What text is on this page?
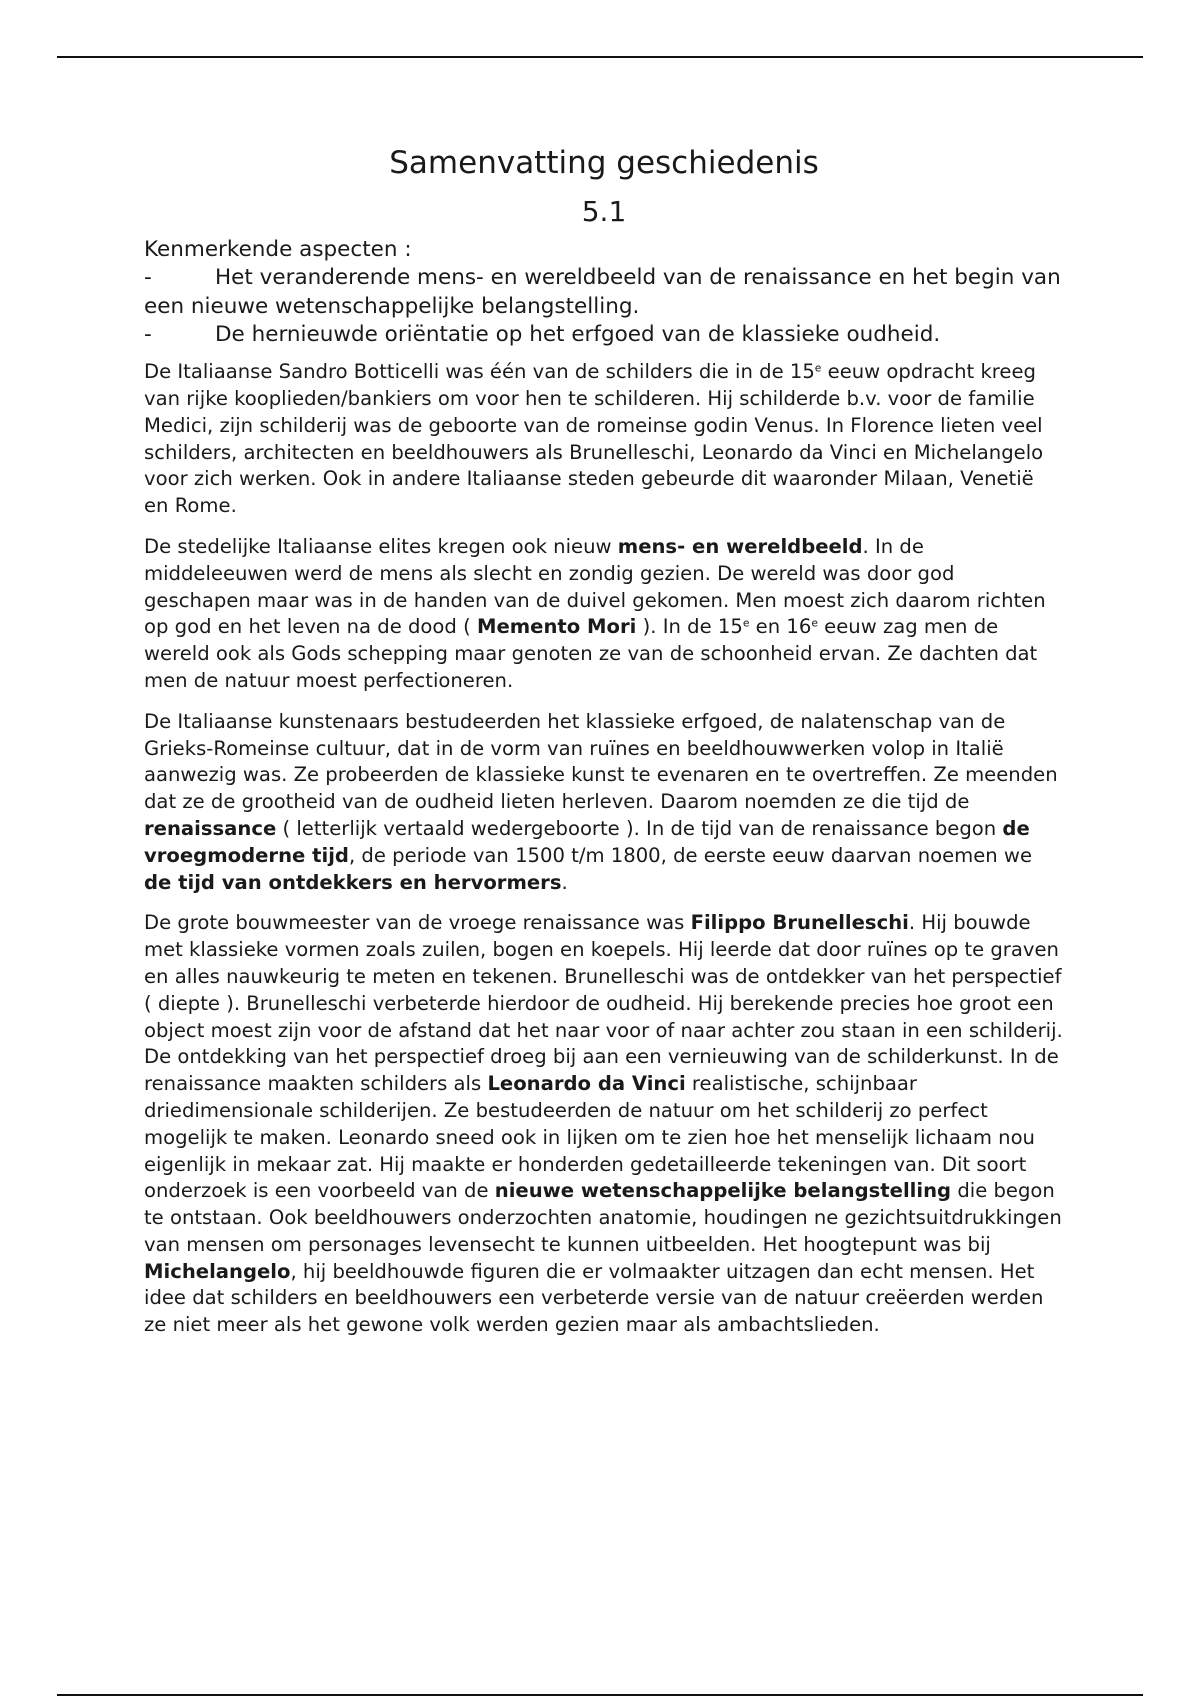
Samenvatting geschiedenis
5.1
Kenmerkende aspecten :

-	Het veranderende mens- en wereldbeeld van de renaissance en het begin van een nieuwe wetenschappelijke belangstelling.

-	De hernieuwde oriëntatie op het erfgoed van de klassieke oudheid.

De Italiaanse Sandro Botticelli was één van de schilders die in de 15e eeuw opdracht kreeg van rijke kooplieden/bankiers om voor hen te schilderen. Hij schilderde b.v. voor de familie Medici, zijn schilderij was de geboorte van de romeinse godin Venus. In Florence lieten veel schilders, architecten en beeldhouwers als Brunelleschi, Leonardo da Vinci en Michelangelo voor zich werken. Ook in andere Italiaanse steden gebeurde dit waaronder Milaan, Venetië en Rome.

De stedelijke Italiaanse elites kregen ook nieuw mens- en wereldbeeld. In de middeleeuwen werd de mens als slecht en zondig gezien. De wereld was door god geschapen maar was in de handen van de duivel gekomen. Men moest zich daarom richten op god en het leven na de dood ( Memento Mori ). In de 15e en 16e eeuw zag men de wereld ook als Gods schepping maar genoten ze van de schoonheid ervan. Ze dachten dat men de natuur moest perfectioneren.

De Italiaanse kunstenaars bestudeerden het klassieke erfgoed, de nalatenschap van de Grieks-Romeinse cultuur, dat in de vorm van ruïnes en beeldhouwwerken volop in Italië aanwezig was. Ze probeerden de klassieke kunst te evenaren en te overtreffen. Ze meenden dat ze de grootheid van de oudheid lieten herleven. Daarom noemden ze die tijd de renaissance ( letterlijk vertaald wedergeboorte ). In de tijd van de renaissance begon de vroegmoderne tijd, de periode van 1500 t/m 1800, de eerste eeuw daarvan noemen we de tijd van ontdekkers en hervormers.

De grote bouwmeester van de vroege renaissance was Filippo Brunelleschi. Hij bouwde met klassieke vormen zoals zuilen, bogen en koepels. Hij leerde dat door ruïnes op te graven en alles nauwkeurig te meten en tekenen. Brunelleschi was de ontdekker van het perspectief ( diepte ). Brunelleschi verbeterde hierdoor de oudheid. Hij berekende precies hoe groot een object moest zijn voor de afstand dat het naar voor of naar achter zou staan in een schilderij. De ontdekking van het perspectief droeg bij aan een vernieuwing van de schilderkunst. In de renaissance maakten schilders als Leonardo da Vinci realistische, schijnbaar driedimensionale schilderijen. Ze bestudeerden de natuur om het schilderij zo perfect mogelijk te maken. Leonardo sneed ook in lijken om te zien hoe het menselijk lichaam nou eigenlijk in mekaar zat. Hij maakte er honderden gedetailleerde tekeningen van. Dit soort onderzoek is een voorbeeld van de nieuwe wetenschappelijke belangstelling die begon te ontstaan. Ook beeldhouwers onderzochten anatomie, houdingen ne gezichtsuitdrukkingen van mensen om personages levensecht te kunnen uitbeelden. Het hoogtepunt was bij Michelangelo, hij beeldhouwde figuren die er volmaakter uitzagen dan echt mensen. Het idee dat schilders en beeldhouwers een verbeterde versie van de natuur creëerden werden ze niet meer als het gewone volk werden gezien maar als ambachtslieden.
